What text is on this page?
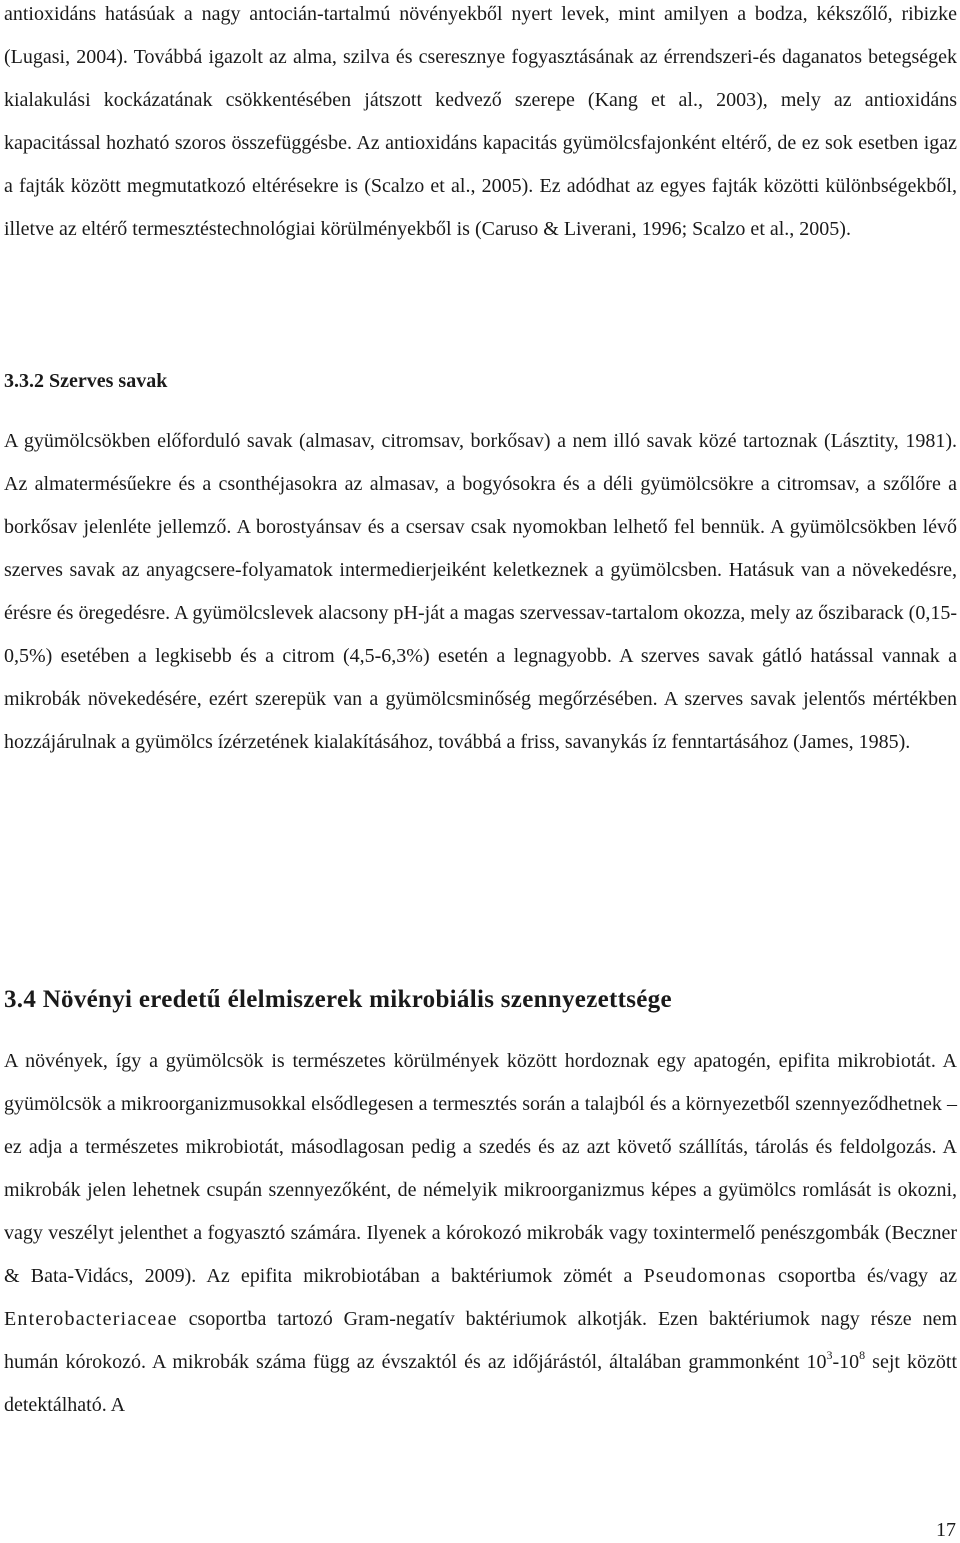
antioxidáns hatásúak a nagy antocián-tartalmú növényekből nyert levek, mint amilyen a bodza, kékszőlő, ribizke (Lugasi, 2004). Továbbá igazolt az alma, szilva és cseresznye fogyasztásának az érrendszeri-és daganatos betegségek kialakulási kockázatának csökkentésében játszott kedvező szerepe (Kang et al., 2003), mely az antioxidáns kapacitással hozható szoros összefüggésbe. Az antioxidáns kapacitás gyümölcsfajonként eltérő, de ez sok esetben igaz a fajták között megmutatkozó eltérésekre is (Scalzo et al., 2005). Ez adódhat az egyes fajták közötti különbségekből, illetve az eltérő termesztéstechnológiai körülményekből is (Caruso & Liverani, 1996; Scalzo et al., 2005).

3.3.2 Szerves savak

A gyümölcsökben előforduló savak (almasav, citromsav, borkősav) a nem illó savak közé tartoznak (Lásztity, 1981). Az almatermésűekre és a csonthéjasokra az almasav, a bogyósokra és a déli gyümölcsökre a citromsav, a szőlőre a borkősav jelenléte jellemző. A borostyánsav és a csersav csak nyomokban lelhető fel bennük. A gyümölcsökben lévő szerves savak az anyagcsere-folyamatok intermedierjeiként keletkeznek a gyümölcsben. Hatásuk van a növekedésre, érésre és öregedésre. A gyümölcslevek alacsony pH-ját a magas szervessav-tartalom okozza, mely az őszibarack (0,15-0,5%) esetében a legkisebb és a citrom (4,5-6,3%) esetén a legnagyobb. A szerves savak gátló hatással vannak a mikrobák növekedésére, ezért szerepük van a gyümölcsminőség megőrzésében. A szerves savak jelentős mértékben hozzájárulnak a gyümölcs ízérzetének kialakításához, továbbá a friss, savanykás íz fenntartásához (James, 1985).

3.4 Növényi eredetű élelmiszerek mikrobiális szennyezettsége

A növények, így a gyümölcsök is természetes körülmények között hordoznak egy apatogén, epifita mikrobiotát. A gyümölcsök a mikroorganizmusokkal elsődlegesen a termesztés során a talajból és a környezetből szennyeződhetnek – ez adja a természetes mikrobiotát, másodlagosan pedig a szedés és az azt követő szállítás, tárolás és feldolgozás. A mikrobák jelen lehetnek csupán szennyezőként, de némelyik mikroorganizmus képes a gyümölcs romlását is okozni, vagy veszélyt jelenthet a fogyasztó számára. Ilyenek a kórokozó mikrobák vagy toxintermelő penészgombák (Beczner & Bata-Vidács, 2009). Az epifita mikrobiotában a baktériumok zömét a Pseudomonas csoportba és/vagy az Enterobacteriaceae csoportba tartozó Gram-negatív baktériumok alkotják. Ezen baktériumok nagy része nem humán kórokozó. A mikrobák száma függ az évszaktól és az időjárástól, általában grammonként $10^3-10^8$ sejt között detektálható. A

17
